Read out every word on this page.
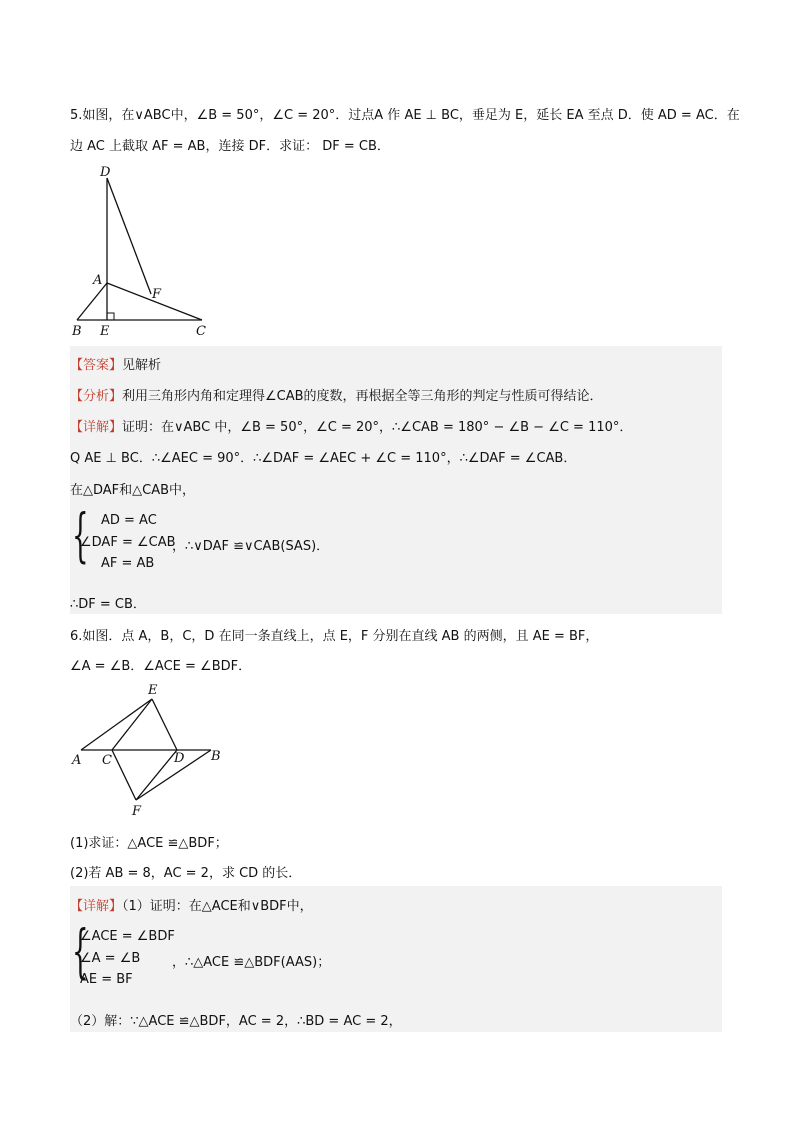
5.如图，在∨ABC中，∠B = 50°，∠C = 20°．过点A 作 AE ⊥ BC，垂足为 E，延长 EA 至点 D．使 AD = AC．在
边 AC 上截取 AF = AB，连接 DF．求证： DF = CB．
D
A
F
B E	C
【答案】见解析
【分析】利用三角形内角和定理得∠CAB的度数，再根据全等三角形的判定与性质可得结论．
【详解】证明：在∨ABC 中，∠B = 50°，∠C = 20°，∴∠CAB = 180° − ∠B − ∠C = 110°．
Q AE ⊥ BC．∴∠AEC = 90°．∴∠DAF = ∠AEC + ∠C = 110°，∴∠DAF = ∠CAB．
在△DAF和△CAB中，
{ AD = AC
∠DAF = ∠CAB
，∴∨DAF ≌∨CAB(SAS)．
AF = AB
∴DF = CB．
6.如图．点 A，B，C，D 在同一条直线上，点 E，F 分别在直线 AB 的两侧，且 AE = BF，
∠A = ∠B．∠ACE = ∠BDF．
E
A C	D B
F
(1)求证：△ACE ≌△BDF；
(2)若 AB = 8，AC = 2，求 CD 的长．
【详解】（1）证明：在△ACE和∨BDF中，
{
∠ACE = ∠BDF
∠A = ∠B ，∴△ACE ≌△BDF(AAS)；
AE = BF
（2）解：∵△ACE ≌△BDF，AC = 2，∴BD = AC = 2，
